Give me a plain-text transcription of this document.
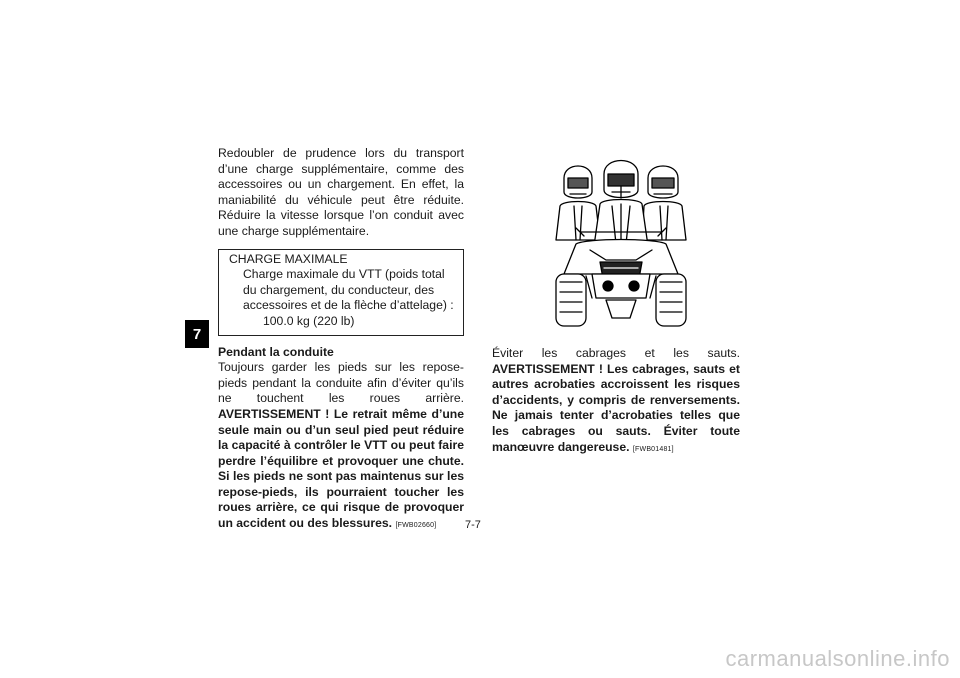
7

Redoubler de prudence lors du transport d’une charge supplémentaire, comme des accessoires ou un chargement. En effet, la maniabilité du véhicule peut être réduite. Réduire la vitesse lorsque l’on conduit avec une charge supplémentaire.

CHARGE MAXIMALE
Charge maximale du VTT (poids total du chargement, du conducteur, des accessoires et de la flèche d’attelage) :
100.0 kg (220 lb)
Pendant la conduite

Toujours garder les pieds sur les repose-pieds pendant la conduite afin d’éviter qu’ils ne touchent les roues arrière. AVERTISSEMENT ! Le retrait même d’une seule main ou d’un seul pied peut réduire la capacité à contrôler le VTT ou peut faire perdre l’équilibre et provoquer une chute. Si les pieds ne sont pas maintenus sur les repose-pieds, ils pourraient toucher les roues arrière, ce qui risque de provoquer un accident ou des blessures. [FWB02660]

Éviter les cabrages et les sauts. AVERTISSEMENT ! Les cabrages, sauts et autres acrobaties accroissent les risques d’accidents, y compris de renversements. Ne jamais tenter d’acrobaties telles que les cabrages ou sauts. Éviter toute manœuvre dangereuse. [FWB01481]

7-7
carmanualsonline.info
